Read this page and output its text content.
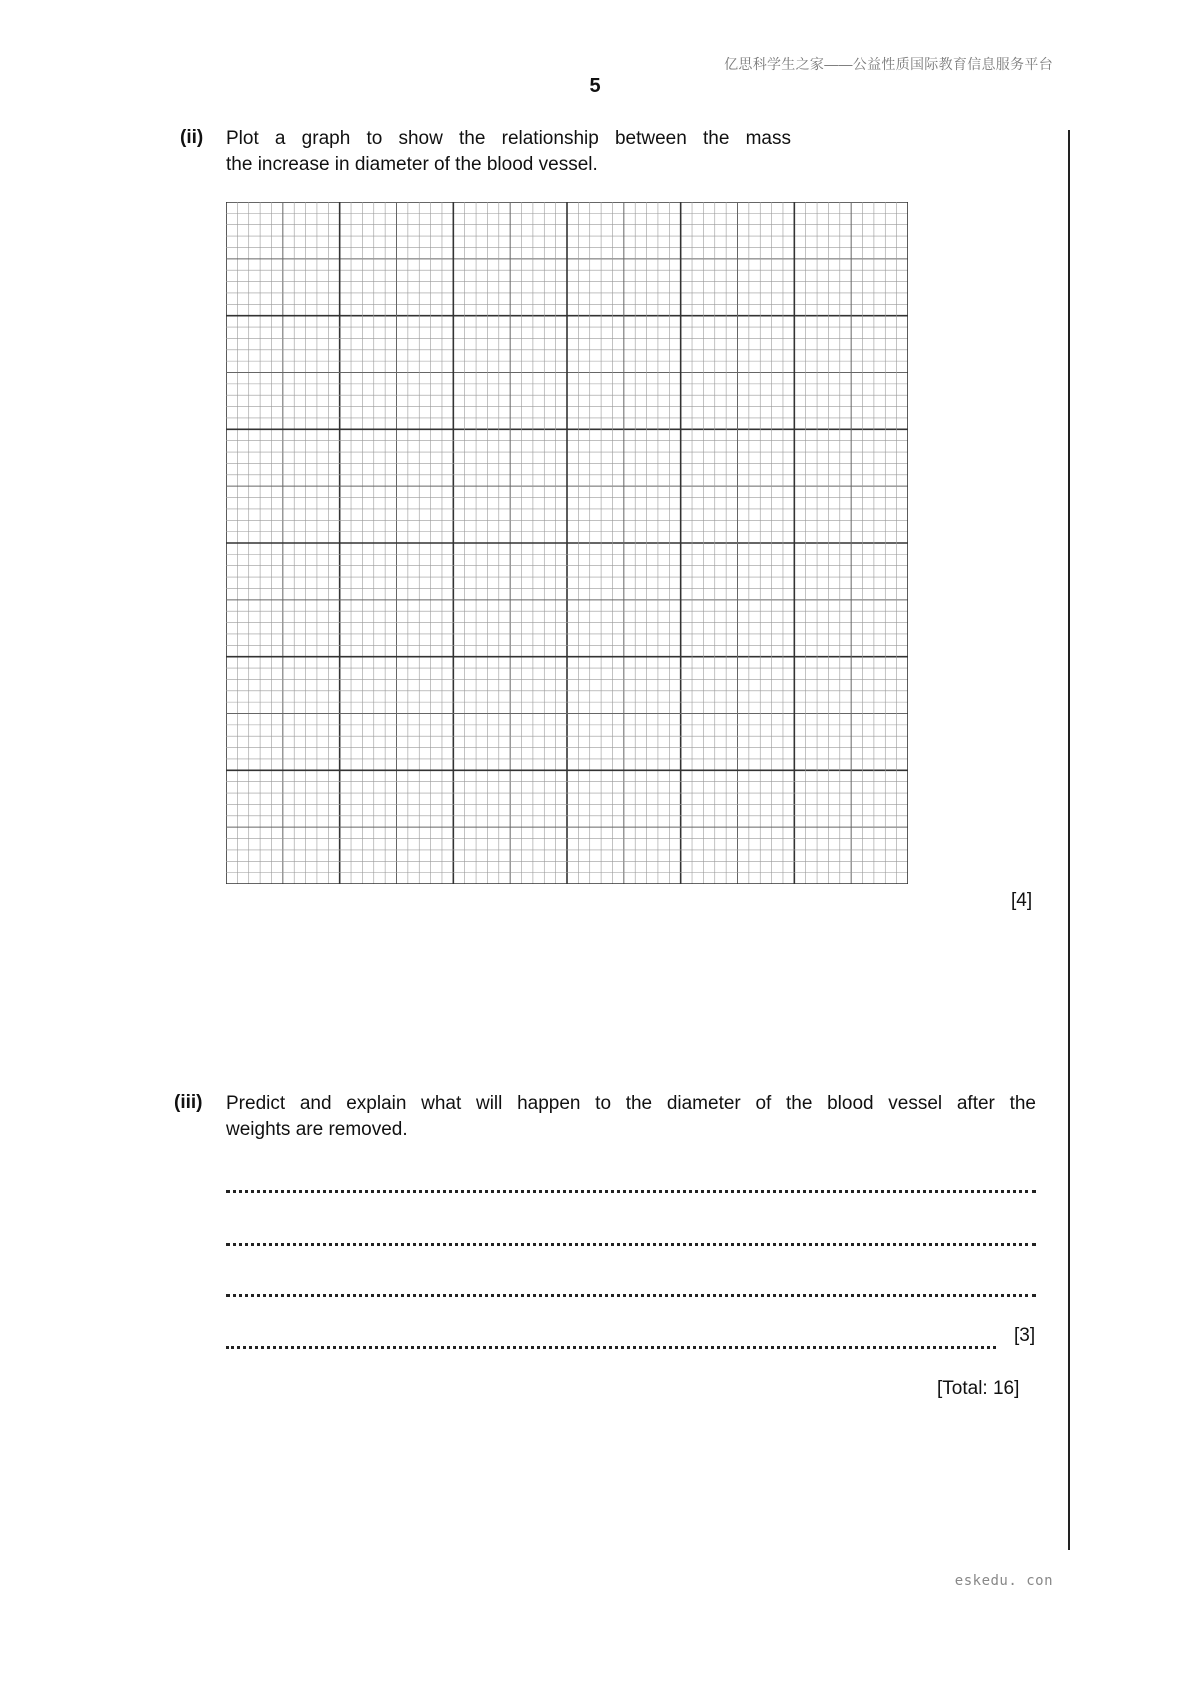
亿思科学生之家——公益性质国际教育信息服务平台
5
(ii) Plot a graph to show the relationship between the mass
the increase in diameter of the blood vessel.
[4]
(iii) Predict and explain what will happen to the diameter of the blood vessel after the
weights are removed.
[3]
[Total: 16]
eskedu. con
